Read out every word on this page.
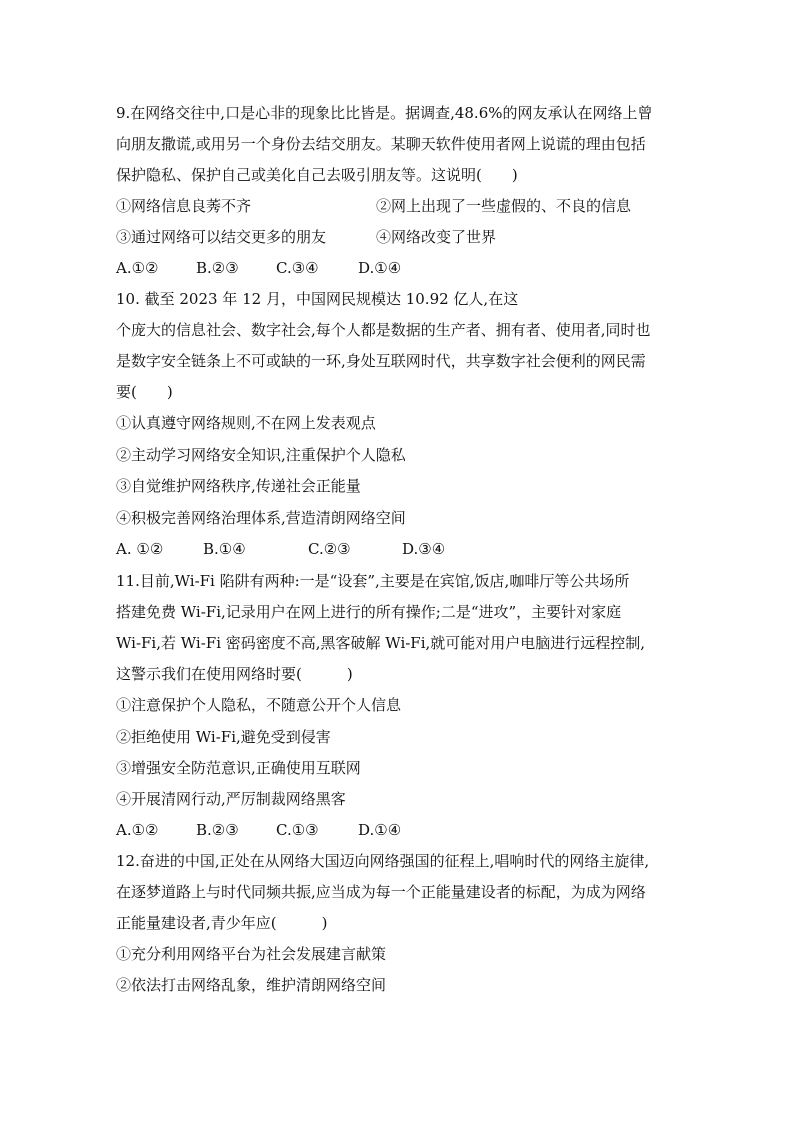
9.在网络交往中,口是心非的现象比比皆是。据调查,48.6%的网友承认在网络上曾
向朋友撒谎,或用另一个身份去结交朋友。某聊天软件使用者网上说谎的理由包括
保护隐私、保护自己或美化自己去吸引朋友等。这说明(　　)
①网络信息良莠不齐	②网上出现了一些虚假的、不良的信息
③通过网络可以结交更多的朋友	④网络改变了世界
A.①②	B.②③ C.③④	D.①④
10. 截至 2023 年 12 月，中国网民规模达 10.92 亿人,在这
个庞大的信息社会、数字社会,每个人都是数据的生产者、拥有者、使用者,同时也
是数字安全链条上不可或缺的一环,身处互联网时代，共享数字社会便利的网民需
要(　　)
①认真遵守网络规则,不在网上发表观点
②主动学习网络安全知识,注重保护个人隐私
③自觉维护网络秩序,传递社会正能量
④积极完善网络治理体系,营造清朗网络空间
A. ①②	B.①④	C.②③	D.③④
11.目前,Wi-Fi 陷阱有两种:一是“设套”,主要是在宾馆,饭店,咖啡厅等公共场所
搭建免费 Wi-Fi,记录用户在网上进行的所有操作;二是“进攻”，主要针对家庭
Wi-Fi,若 Wi-Fi 密码密度不高,黑客破解 Wi-Fi,就可能对用户电脑进行远程控制,
这警示我们在使用网络时要(　　　)
①注意保护个人隐私，不随意公开个人信息
②拒绝使用 Wi-Fi,避免受到侵害
③增强安全防范意识,正确使用互联网
④开展清网行动,严厉制裁网络黑客
A.①②	B.②③ C.①③	D.①④
12.奋进的中国,正处在从网络大国迈向网络强国的征程上,唱响时代的网络主旋律,
在逐梦道路上与时代同频共振,应当成为每一个正能量建设者的标配，为成为网络
正能量建设者,青少年应(　　　)
①充分利用网络平台为社会发展建言献策
②依法打击网络乱象，维护清朗网络空间
